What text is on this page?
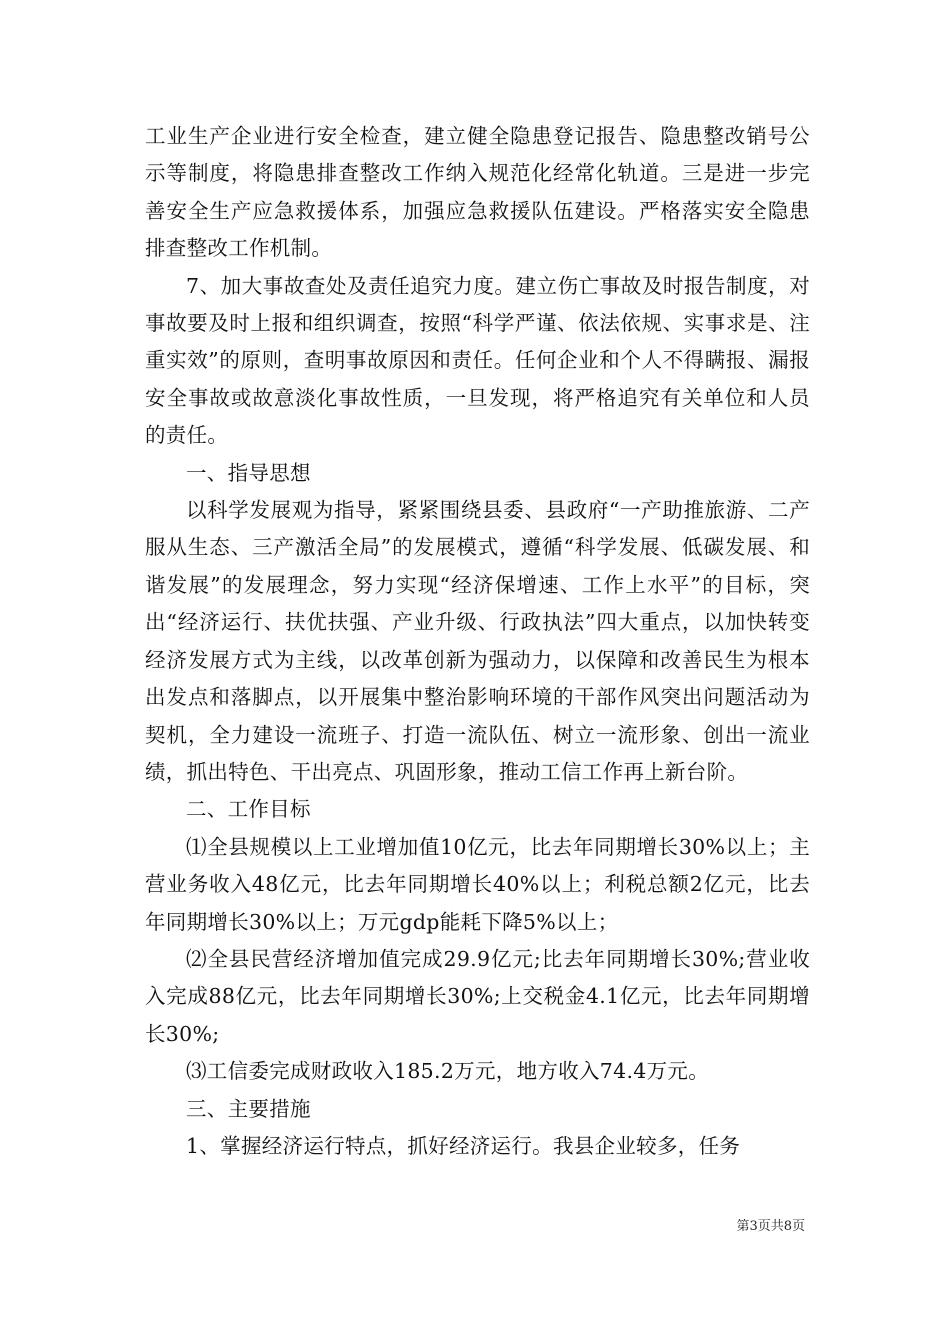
工业生产企业进行安全检查，建立健全隐患登记报告、隐患整改销号公示等制度，将隐患排查整改工作纳入规范化经常化轨道。三是进一步完善安全生产应急救援体系，加强应急救援队伍建设。严格落实安全隐患排查整改工作机制。

7、加大事故查处及责任追究力度。建立伤亡事故及时报告制度，对事故要及时上报和组织调查，按照“科学严谨、依法依规、实事求是、注重实效”的原则，查明事故原因和责任。任何企业和个人不得瞒报、漏报安全事故或故意淡化事故性质，一旦发现，将严格追究有关单位和人员的责任。

一、指导思想

以科学发展观为指导，紧紧围绕县委、县政府“一产助推旅游、二产服从生态、三产激活全局”的发展模式，遵循“科学发展、低碳发展、和谐发展”的发展理念，努力实现“经济保增速、工作上水平”的目标，突出“经济运行、扶优扶强、产业升级、行政执法”四大重点，以加快转变经济发展方式为主线，以改革创新为强动力，以保障和改善民生为根本出发点和落脚点，以开展集中整治影响环境的干部作风突出问题活动为契机，全力建设一流班子、打造一流队伍、树立一流形象、创出一流业绩，抓出特色、干出亮点、巩固形象，推动工信工作再上新台阶。

二、工作目标

⑴全县规模以上工业增加值10亿元，比去年同期增长30%以上；主营业务收入48亿元，比去年同期增长40%以上；利税总额2亿元，比去年同期增长30%以上；万元gdp能耗下降5%以上；

⑵全县民营经济增加值完成29.9亿元;比去年同期增长30%;营业收入完成88亿元，比去年同期增长30%;上交税金4.1亿元，比去年同期增长30%;

⑶工信委完成财政收入185.2万元，地方收入74.4万元。

三、主要措施

1、掌握经济运行特点，抓好经济运行。我县企业较多，任务

第3页共8页
